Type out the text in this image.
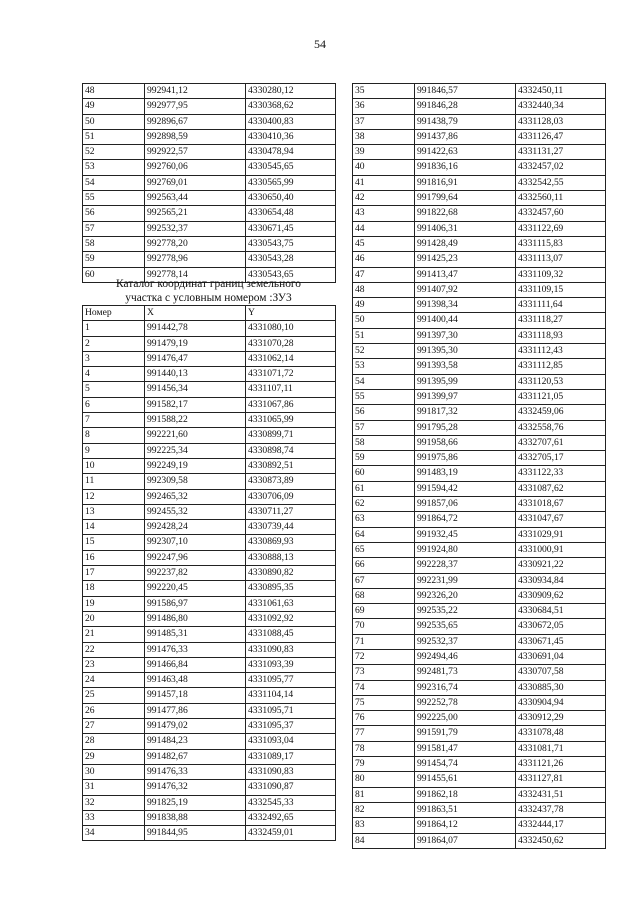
54
48	992941,12	4330280,12
49	992977,95	4330368,62
50	992896,67	4330400,83
51	992898,59	4330410,36
52	992922,57	4330478,94
53	992760,06	4330545,65
54	992769,01	4330565,99
55	992563,44	4330650,40
56	992565,21	4330654,48
57	992532,37	4330671,45
58	992778,20	4330543,75
59	992778,96	4330543,28
60	992778,14	4330543,65
Каталог координат границ земельного
участка с условным номером :ЗУ3
Номер	X	Y
1	991442,78	4331080,10
2	991479,19	4331070,28
3	991476,47	4331062,14
4	991440,13	4331071,72
5	991456,34	4331107,11
6	991582,17	4331067,86
7	991588,22	4331065,99
8	992221,60	4330899,71
9	992225,34	4330898,74
10	992249,19	4330892,51
11	992309,58	4330873,89
12	992465,32	4330706,09
13	992455,32	4330711,27
14	992428,24	4330739,44
15	992307,10	4330869,93
16	992247,96	4330888,13
17	992237,82	4330890,82
18	992220,45	4330895,35
19	991586,97	4331061,63
20	991486,80	4331092,92
21	991485,31	4331088,45
22	991476,33	4331090,83
23	991466,84	4331093,39
24	991463,48	4331095,77
25	991457,18	4331104,14
26	991477,86	4331095,71
27	991479,02	4331095,37
28	991484,23	4331093,04
29	991482,67	4331089,17
30	991476,33	4331090,83
31	991476,32	4331090,87
32	991825,19	4332545,33
33	991838,88	4332492,65
34	991844,95	4332459,01
35	991846,57	4332450,11
36	991846,28	4332440,34
37	991438,79	4331128,03
38	991437,86	4331126,47
39	991422,63	4331131,27
40	991836,16	4332457,02
41	991816,91	4332542,55
42	991799,64	4332560,11
43	991822,68	4332457,60
44	991406,31	4331122,69
45	991428,49	4331115,83
46	991425,23	4331113,07
47	991413,47	4331109,32
48	991407,92	4331109,15
49	991398,34	4331111,64
50	991400,44	4331118,27
51	991397,30	4331118,93
52	991395,30	4331112,43
53	991393,58	4331112,85
54	991395,99	4331120,53
55	991399,97	4331121,05
56	991817,32	4332459,06
57	991795,28	4332558,76
58	991958,66	4332707,61
59	991975,86	4332705,17
60	991483,19	4331122,33
61	991594,42	4331087,62
62	991857,06	4331018,67
63	991864,72	4331047,67
64	991932,45	4331029,91
65	991924,80	4331000,91
66	992228,37	4330921,22
67	992231,99	4330934,84
68	992326,20	4330909,62
69	992535,22	4330684,51
70	992535,65	4330672,05
71	992532,37	4330671,45
72	992494,46	4330691,04
73	992481,73	4330707,58
74	992316,74	4330885,30
75	992252,78	4330904,94
76	992225,00	4330912,29
77	991591,79	4331078,48
78	991581,47	4331081,71
79	991454,74	4331121,26
80	991455,61	4331127,81
81	991862,18	4332431,51
82	991863,51	4332437,78
83	991864,12	4332444,17
84	991864,07	4332450,62
